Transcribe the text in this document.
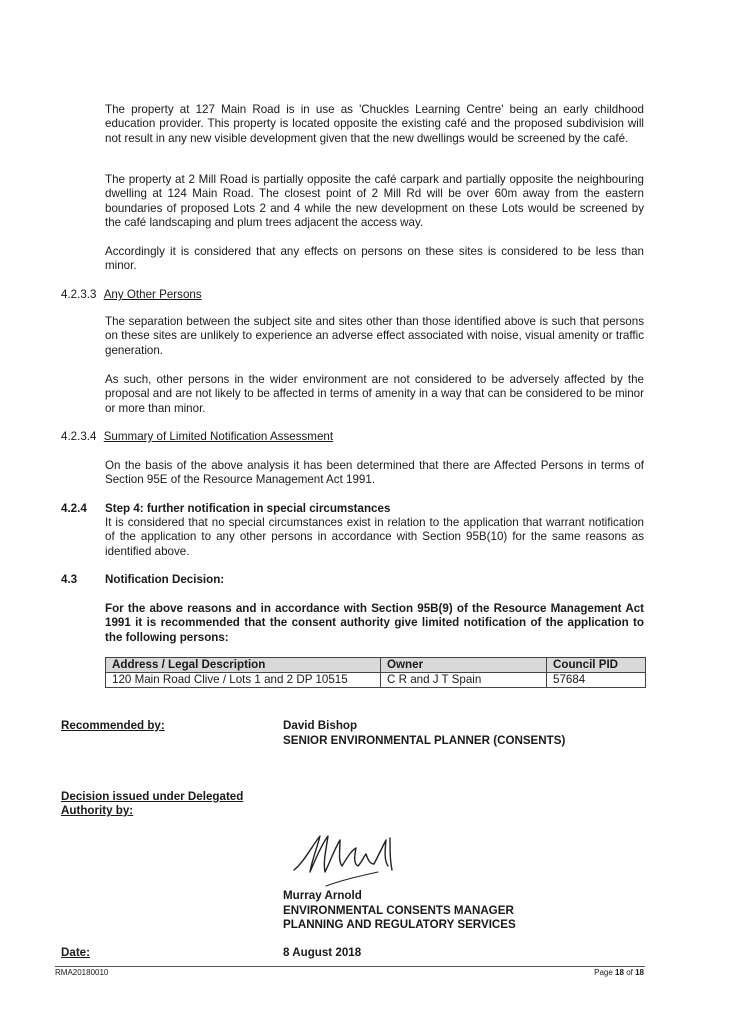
The property at 127 Main Road is in use as 'Chuckles Learning Centre' being an early childhood education provider. This property is located opposite the existing café and the proposed subdivision will not result in any new visible development given that the new dwellings would be screened by the café.
The property at 2 Mill Road is partially opposite the café carpark and partially opposite the neighbouring dwelling at 124 Main Road. The closest point of 2 Mill Rd will be over 60m away from the eastern boundaries of proposed Lots 2 and 4 while the new development on these Lots would be screened by the café landscaping and plum trees adjacent the access way.
Accordingly it is considered that any effects on persons on these sites is considered to be less than minor.
4.2.3.3 Any Other Persons
The separation between the subject site and sites other than those identified above is such that persons on these sites are unlikely to experience an adverse effect associated with noise, visual amenity or traffic generation.
As such, other persons in the wider environment are not considered to be adversely affected by the proposal and are not likely to be affected in terms of amenity in a way that can be considered to be minor or more than minor.
4.2.3.4 Summary of Limited Notification Assessment
On the basis of the above analysis it has been determined that there are Affected Persons in terms of Section 95E of the Resource Management Act 1991.
4.2.4 Step 4: further notification in special circumstances
It is considered that no special circumstances exist in relation to the application that warrant notification of the application to any other persons in accordance with Section 95B(10) for the same reasons as identified above.
4.3 Notification Decision:
For the above reasons and in accordance with Section 95B(9) of the Resource Management Act 1991 it is recommended that the consent authority give limited notification of the application to the following persons:
Address / Legal Description	Owner	Council PID
120 Main Road Clive / Lots 1 and 2 DP 10515	C R and J T Spain	57684
Recommended by:	David Bishop
SENIOR ENVIRONMENTAL PLANNER (CONSENTS)
Decision issued under Delegated
Authority by:
Murray Arnold
ENVIRONMENTAL CONSENTS MANAGER
PLANNING AND REGULATORY SERVICES
Date:	8 August 2018
RMA20180010	Page 18 of 18
